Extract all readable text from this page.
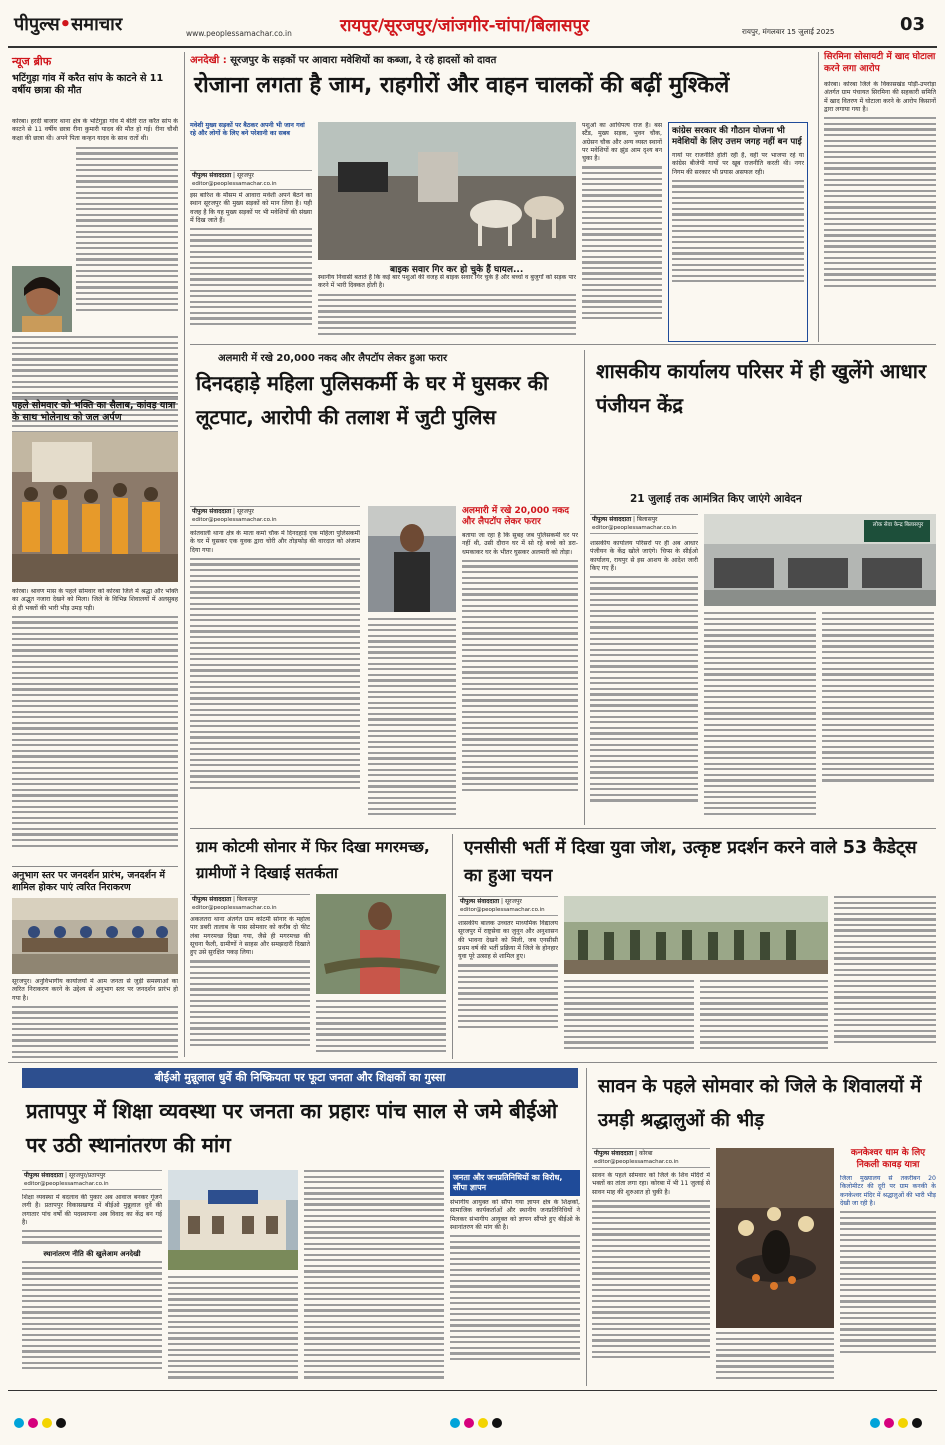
पीपुल्स•समाचार	www.peoplessamachar.co.in	रायपुर/सूरजपुर/जांजगीर-चांपा/बिलासपुर	रायपुर, मंगलवार 15 जुलाई 2025	03
न्यूज ब्रीफ
भटिंगुड़ा गांव में करैत सांप के काटने से 11 वर्षीय छात्रा की मौत
कोरबा। हरदी बाजार थाना क्षेत्र के भटिंगुड़ा गांव में बीती रात करैत सांप के काटने से 11 वर्षीय छात्रा रीना कुमारी यादव की मौत हो गई। रीना चौथी कक्षा की छात्रा थी। अपने पिता कन्हन यादव के साथ रातों थी।
पहले सोमवार को भक्ति का सैलाब, कांवड़ यात्रा के साथ भोलेनाथ को जल अर्पण
कोरबा। श्रावण मास के पहले सोमवार को कोरबा जिले में श्रद्धा और भक्ति का अद्भुत नजारा देखने को मिला। जिले के विभिन्न शिवालयों में अलसुबह से ही भक्तों की भारी भीड़ उमड़ पड़ी।
अनुभाग स्तर पर जनदर्शन प्रारंभ, जनदर्शन में शामिल होकर पाएं त्वरित निराकरण
सूरजपुर। अनुविभागीय कार्यालयों में आम जनता से जुड़ी समस्याओं का त्वरित निराकरण करने के उद्देश्य से अनुभाग स्तर पर जनदर्शन प्रारंभ हो गया है।
अनदेखी : सूरजपुर के सड़कों पर आवारा मवेशियों का कब्जा, दे रहे हादसों को दावत
रोजाना लगता है जाम, राहगीरों और वाहन चालकों की बढ़ीं मुश्किलें
मवेशी मुख्य सड़कों पर बैठकर अपनी भी जान गवां रहे और लोगों के लिए बने परेशानी का सबब
पीपुल्स संवाददाता | सूरजपुर
editor@peoplessamachar.co.in
इस बारिश के मौसम में आवारा मवेशी अपने बैठने का स्थान सूरजपुर की मुख्य सड़कों को मान लिया है। यही वजह है कि यह मुख्य सड़कों पर भी मवेशियों की संख्या में दिख जाते हैं।
बाइक सवार गिर कर हो चुके हैं घायल...
स्थानीय निवासी बताते हैं कि कई बार पशुओं की वजह से बाइक सवार गिर चुके हैं और बच्चों व बुजुर्गों को सड़क पार करने में भारी दिक्कत होती है।
पशुओं का आधिपत्य राज है। बस स्टैंड, मुख्य सड़क, भुवन चौक, अग्रेसन चौक और अन्य व्यस्त स्थानों पर मवेशियों का झुंड आम दृश्य बन चुका है।
कांग्रेस सरकार की गौठान योजना भी मवेशियों के लिए उत्तम जगह नहीं बन पाई
गायों पर राजनीति होती रही है, वहीं पर भाजपा रहे या कांग्रेस बीजेपी गायों पर खूब राजनीति करती थी। नगर निगम की सरकार भी प्रयास असफल रही।
सिरमिना सोसायटी में खाद घोटाला करने लगा आरोप
कोरबा। कोरबा जिले के विकासखंड पोड़ी-उपरोड़ा अंतर्गत ग्राम पंचायत सिरमिना की सहकारी समिति में खाद वितरण में घोटाला करने के आरोप किसानों द्वारा लगाया गया है।
अलमारी में रखे 20,000 नकद और लैपटॉप लेकर हुआ फरार
दिनदहाड़े महिला पुलिसकर्मी के घर में घुसकर की लूटपाट, आरोपी की तलाश में जुटी पुलिस
पीपुल्स संवाददाता | सूरजपुर
editor@peoplessamachar.co.in
कोतवाली थाना क्षेत्र के माता कर्मा चौक में दिनदहाड़े एक महिला पुलिसकर्मी के घर में घुसकर एक युवक द्वारा चोरी और तोड़फोड़ की वारदात को अंजाम दिया गया।
अलमारी में रखे 20,000 नकद और लैपटॉप लेकर फरार
बताया जा रहा है कि सुबह जब पुलिसकर्मी घर पर नहीं थी, उसी दौरान घर में सो रहे बच्चे को डरा-धमकाकर घर के भीतर घुसकर अलमारी को तोड़ा।
शासकीय कार्यालय परिसर में ही खुलेंगे आधार पंजीयन केंद्र
21 जुलाई तक आमंत्रित किए जाएंगे आवेदन
पीपुल्स संवाददाता | बिलासपुर
editor@peoplessamachar.co.in
शासकीय कार्यालय परिसरों पर ही अब आधार पंजीयन के केंद्र खोले जाएंगे। चिप्स के सीईओ कार्यालय, रायपुर से इस आशय के आदेश जारी किए गए हैं।
लोक सेवा केन्द्र बिलासपुर
ग्राम कोटमी सोनार में फिर दिखा मगरमच्छ, ग्रामीणों ने दिखाई सतर्कता
पीपुल्स संवाददाता | बिलासपुर
editor@peoplessamachar.co.in
अकलतरा थाना अंतर्गत ग्राम कोटमी सोनार के महोत्व पार डबरी तालाब के पास सोमवार को करीब दो फीट लंबा मगरमच्छ दिखा गया, जैसे ही मगरमच्छ की सूचना फैली, ग्रामीणों ने साहस और समझदारी दिखाते हुए उसे सुरक्षित पकड़ लिया।
एनसीसी भर्ती में दिखा युवा जोश, उत्कृष्ट प्रदर्शन करने वाले 53 कैडेट्स का हुआ चयन
पीपुल्स संवाददाता | सूरजपुर
editor@peoplessamachar.co.in
शासकीय बालक उच्चतर माध्यमिक विद्यालय सूरजपुर में राष्ट्रसेवा का जुनून और अनुशासन की भावना देखने को मिली, जब एनसीसी प्रथम वर्ष की भर्ती प्रक्रिया में जिले के होनहार युवा पूरे उत्साह से शामिल हुए।
बीईओ मुन्नूलाल धुर्वे की निष्क्रियता पर फूटा जनता और शिक्षकों का गुस्सा
प्रतापपुर में शिक्षा व्यवस्था पर जनता का प्रहारः पांच साल से जमे बीईओ पर उठी स्थानांतरण की मांग
पीपुल्स संवाददाता | सूरजपुर/प्रतापपुर
editor@peoplessamachar.co.in
शिक्षा व्यवस्था में बदलाव की पुकार अब आवाज बनकर गूंजने लगी है। प्रतापपुर विकासखण्ड में बीईओ मुन्नूलाल धुर्वे की लगातार पांच वर्षों की पदस्थापना अब विवाद का केंद्र बन गई है।
स्थानांतरण नीति की खुलेआम अनदेखी
जनता और जनप्रतिनिधियों का विरोध, सौंपा ज्ञापन
संभागीय आयुक्त को सौंपा गया ज्ञापन क्षेत्र के शिक्षकों, सामाजिक कार्यकर्ताओं और स्थानीय जनप्रतिनिधियों ने मिलकर संभागीय आयुक्त को ज्ञापन सौंपते हुए बीईओ के स्थानांतरण की मांग की है।
सावन के पहले सोमवार को जिले के शिवालयों में उमड़ी श्रद्धालुओं की भीड़
पीपुल्स संवाददाता | कोरबा
editor@peoplessamachar.co.in
सावन के पहले सोमवार को जिले के शिव मंदिरों में भक्तों का तांता लगा रहा। कोरबा में भी 11 जुलाई से सावन माह की शुरुआत हो चुकी है।
कनकेश्वर धाम के लिए निकली कावड़ यात्रा
जिला मुख्यालय से तकरीबन 20 किलोमीटर की दूरी पर ग्राम कनकी के कनकेश्वर मंदिर में श्रद्धालुओं की भारी भीड़ देखी जा रही है।
